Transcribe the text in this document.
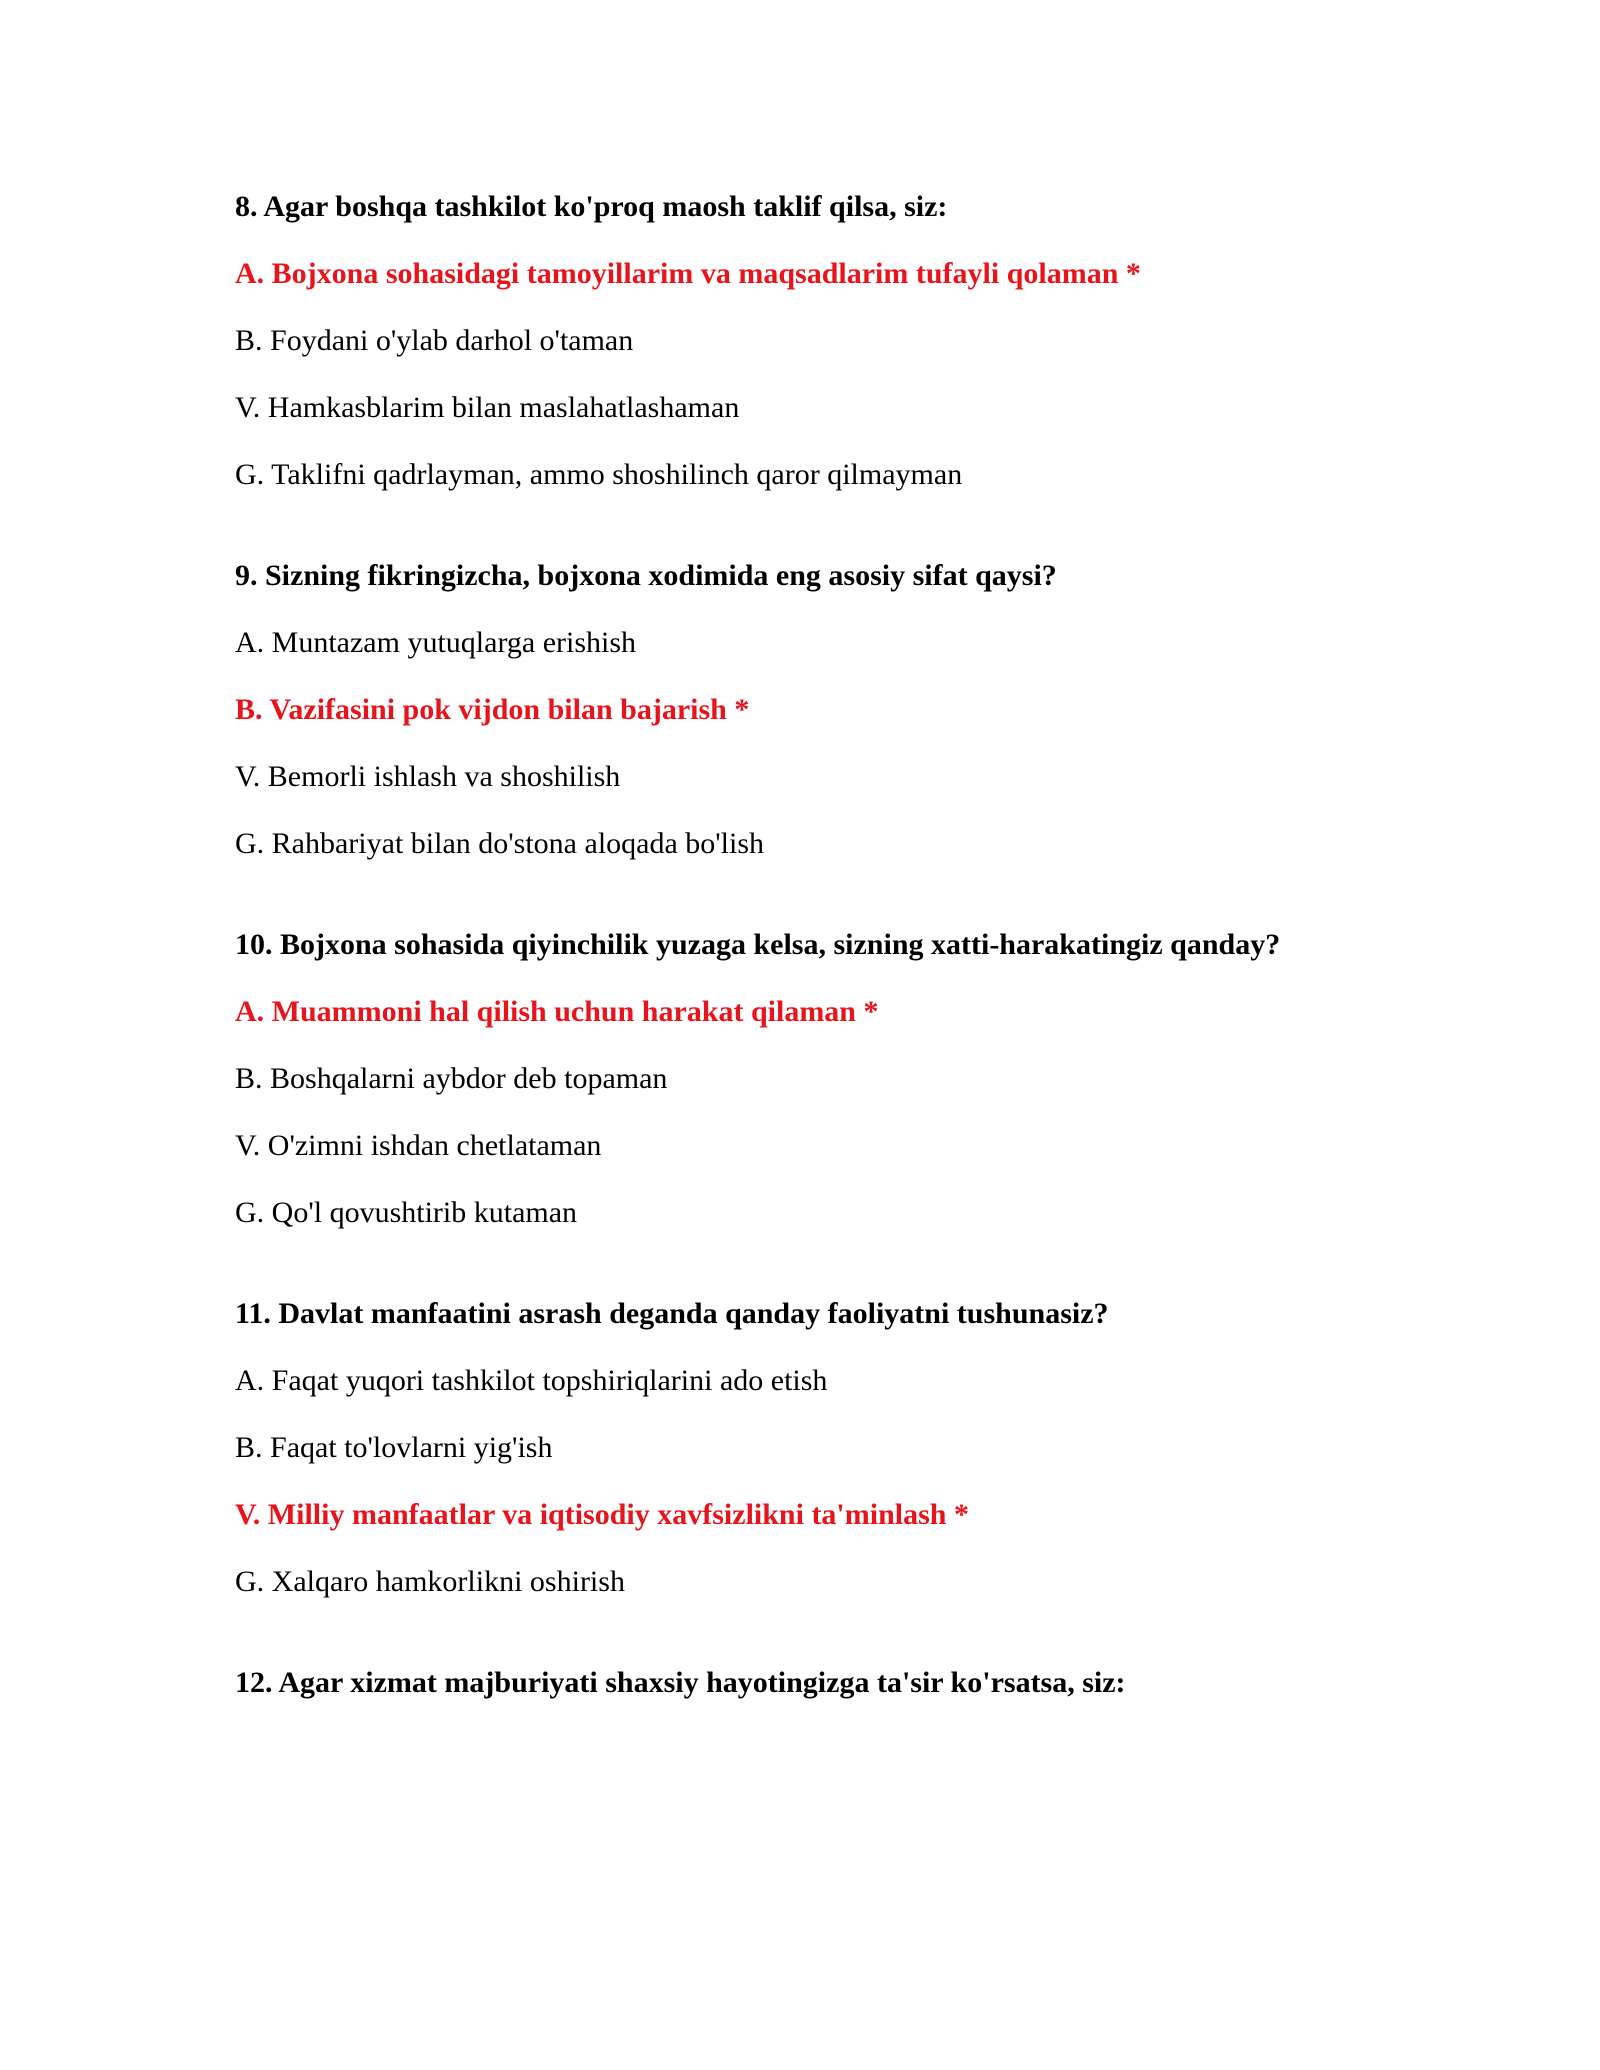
8. Agar boshqa tashkilot ko'proq maosh taklif qilsa, siz:

A. Bojxona sohasidagi tamoyillarim va maqsadlarim tufayli qolaman *
B. Foydani o'ylab darhol o'taman
V. Hamkasblarim bilan maslahatlashaman
G. Taklifni qadrlayman, ammo shoshilinch qaror qilmayman

9. Sizning fikringizcha, bojxona xodimida eng asosiy sifat qaysi?

A. Muntazam yutuqlarga erishish
B. Vazifasini pok vijdon bilan bajarish *
V. Bemorli ishlash va shoshilish
G. Rahbariyat bilan do'stona aloqada bo'lish

10. Bojxona sohasida qiyinchilik yuzaga kelsa, sizning xatti-harakatingiz qanday?

A. Muammoni hal qilish uchun harakat qilaman *
B. Boshqalarni aybdor deb topaman
V. O'zimni ishdan chetlataman
G. Qo'l qovushtirib kutaman

11. Davlat manfaatini asrash deganda qanday faoliyatni tushunasiz?

A. Faqat yuqori tashkilot topshiriqlarini ado etish
B. Faqat to'lovlarni yig'ish
V. Milliy manfaatlar va iqtisodiy xavfsizlikni ta'minlash *
G. Xalqaro hamkorlikni oshirish

12. Agar xizmat majburiyati shaxsiy hayotingizga ta'sir ko'rsatsa, siz:
